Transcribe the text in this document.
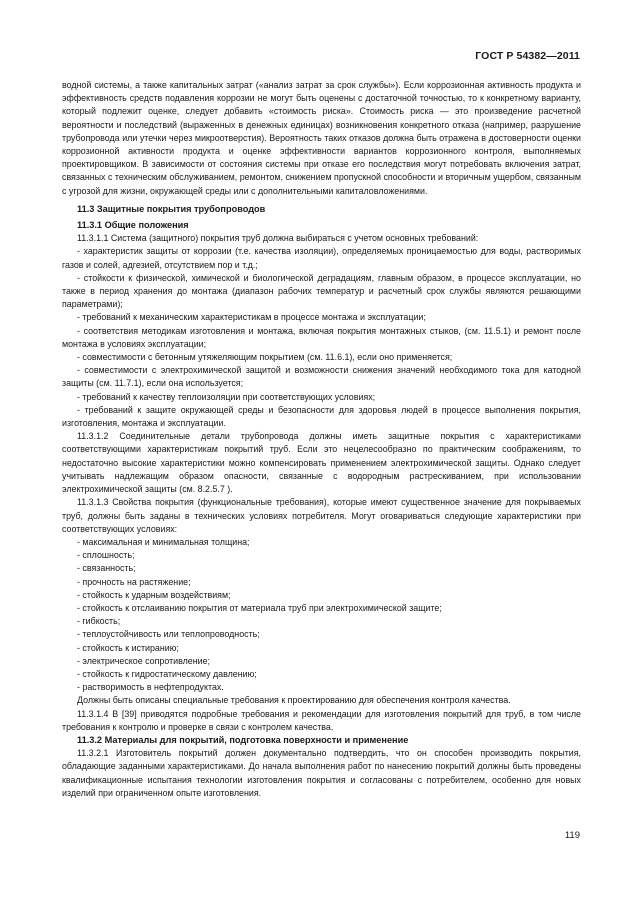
ГОСТ Р 54382—2011

водной системы, а также капитальных затрат («анализ затрат за срок службы»). Если коррозионная активность продукта и эффективность средств подавления коррозии не могут быть оценены с достаточной точностью, то к конкретному варианту, который подлежит оценке, следует добавить «стоимость риска». Стоимость риска — это произведение расчетной вероятности и последствий (выраженных в денежных единицах) возникновения конкретного отказа (например, разрушение трубопровода или утечки через микроотверстия). Вероятность таких отказов должна быть отражена в достоверности оценки коррозионной активности продукта и оценке эффективности вариантов коррозионного контроля, выполняемых проектировщиком. В зависимости от состояния системы при отказе его последствия могут потребовать включения затрат, связанных с техническим обслуживанием, ремонтом, снижением пропускной способности и вторичным ущербом, связанным с угрозой для жизни, окружающей среды или с дополнительными капиталовложениями.

11.3 Защитные покрытия трубопроводов

11.3.1 Общие положения

11.3.1.1 Система (защитного) покрытия труб должна выбираться с учетом основных требований:

- характеристик защиты от коррозии (т.е. качества изоляции), определяемых проницаемостью для воды, растворимых газов и солей, адгезией, отсутствием пор и т.д.;

- стойкости к физической, химической и биологической деградациям, главным образом, в процессе эксплуатации, но также в период хранения до монтажа (диапазон рабочих температур и расчетный срок службы являются решающими параметрами);

- требований к механическим характеристикам в процессе монтажа и эксплуатации;

- соответствия методикам изготовления и монтажа, включая покрытия монтажных стыков, (см. 11.5.1) и ремонт после монтажа в условиях эксплуатации;

- совместимости с бетонным утяжеляющим покрытием (см. 11.6.1), если оно применяется;

- совместимости с электрохимической защитой и возможности снижения значений необходимого тока для катодной защиты (см. 11.7.1), если она используется;

- требований к качеству теплоизоляции при соответствующих условиях;

- требований к защите окружающей среды и безопасности для здоровья людей в процессе выполнения покрытия, изготовления, монтажа и эксплуатации.

11.3.1.2 Соединительные детали трубопровода должны иметь защитные покрытия с характеристиками соответствующими характеристикам покрытий труб. Если это нецелесообразно по практическим соображениям, то недостаточно высокие характеристики можно компенсировать применением электрохимической защиты. Однако следует учитывать надлежащим образом опасности, связанные с водородным растрескиванием, при использовании электрохимической защиты (см. 8.2.5.7 ).

11.3.1.3 Свойства покрытия (функциональные требования), которые имеют существенное значение для покрываемых труб, должны быть заданы в технических условиях потребителя. Могут оговариваться следующие характеристики при соответствующих условиях:

- максимальная и минимальная толщина;

- сплошность;

- связанность;

- прочность на растяжение;

- стойкость к ударным воздействиям;

- стойкость к отслаиванию покрытия от материала труб при электрохимической защите;

- гибкость;

- теплоустойчивость или теплопроводность;

- стойкость к истиранию;

- электрическое сопротивление;

- стойкость к гидростатическому давлению;

- растворимость в нефтепродуктах.

Должны быть описаны специальные требования к проектированию для обеспечения контроля качества.

11.3.1.4 В [39] приводятся подробные требования и рекомендации для изготовления покрытий для труб, в том числе требования к контролю и проверке в связи с контролем качества.

11.3.2 Материалы для покрытий, подготовка поверхности и применение

11.3.2.1 Изготовитель покрытий должен документально подтвердить, что он способен производить покрытия, обладающие заданными характеристиками. До начала выполнения работ по нанесению покрытий должны быть проведены квалификационные испытания технологии изготовления покрытия и согласованы с потребителем, особенно для новых изделий при ограниченном опыте изготовления.

119
